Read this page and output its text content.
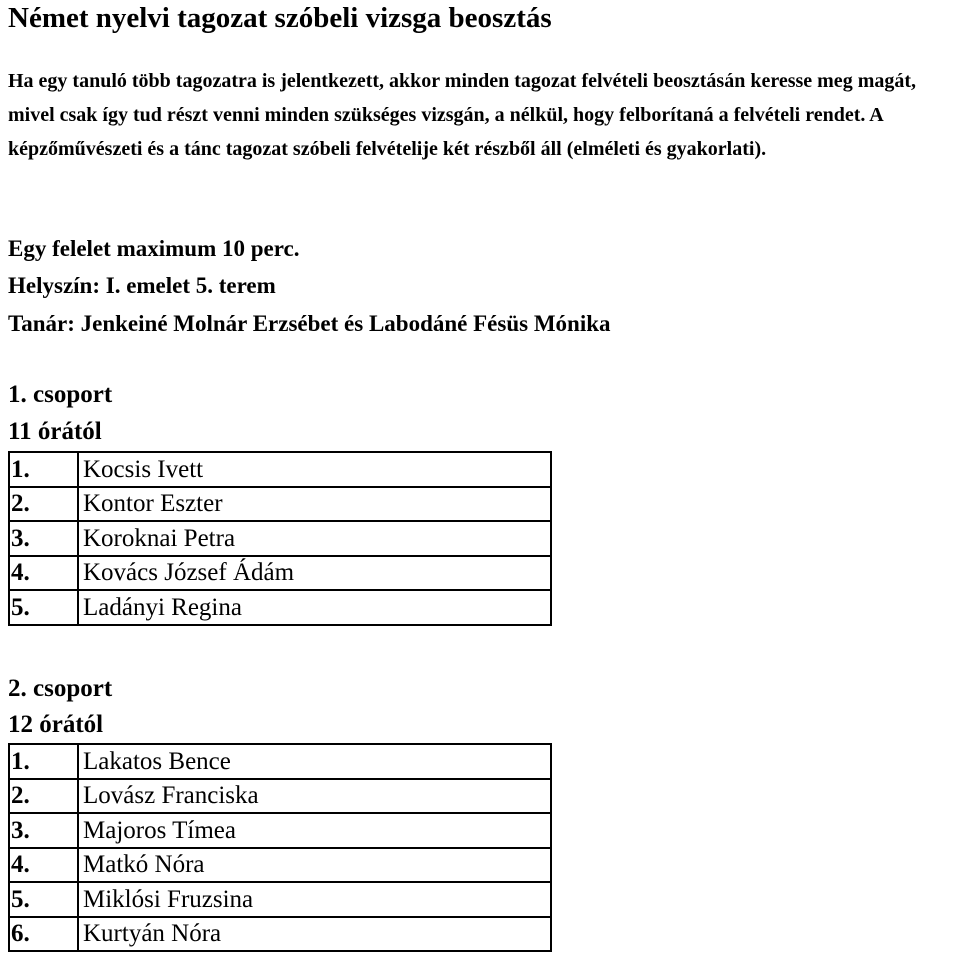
Német nyelvi tagozat szóbeli vizsga beosztás
Ha egy tanuló több tagozatra is jelentkezett, akkor minden tagozat felvételi beosztásán keresse meg magát, mivel csak így tud részt venni minden szükséges vizsgán, a nélkül, hogy felborítaná a felvételi rendet. A képzőművészeti és a tánc tagozat szóbeli felvételije két részből áll (elméleti és gyakorlati).
Egy felelet maximum 10 perc.
Helyszín: I. emelet 5. terem
Tanár: Jenkeiné Molnár Erzsébet és Labodáné Fésüs Mónika
1. csoport
11 órától
1.	Kocsis Ivett
2.	Kontor Eszter
3.	Koroknai Petra
4.	Kovács József Ádám
5.	Ladányi Regina
2. csoport
12 órától
1.	Lakatos Bence
2.	Lovász Franciska
3.	Majoros Tímea
4.	Matkó Nóra
5.	Miklósi Fruzsina
6.	Kurtyán Nóra
